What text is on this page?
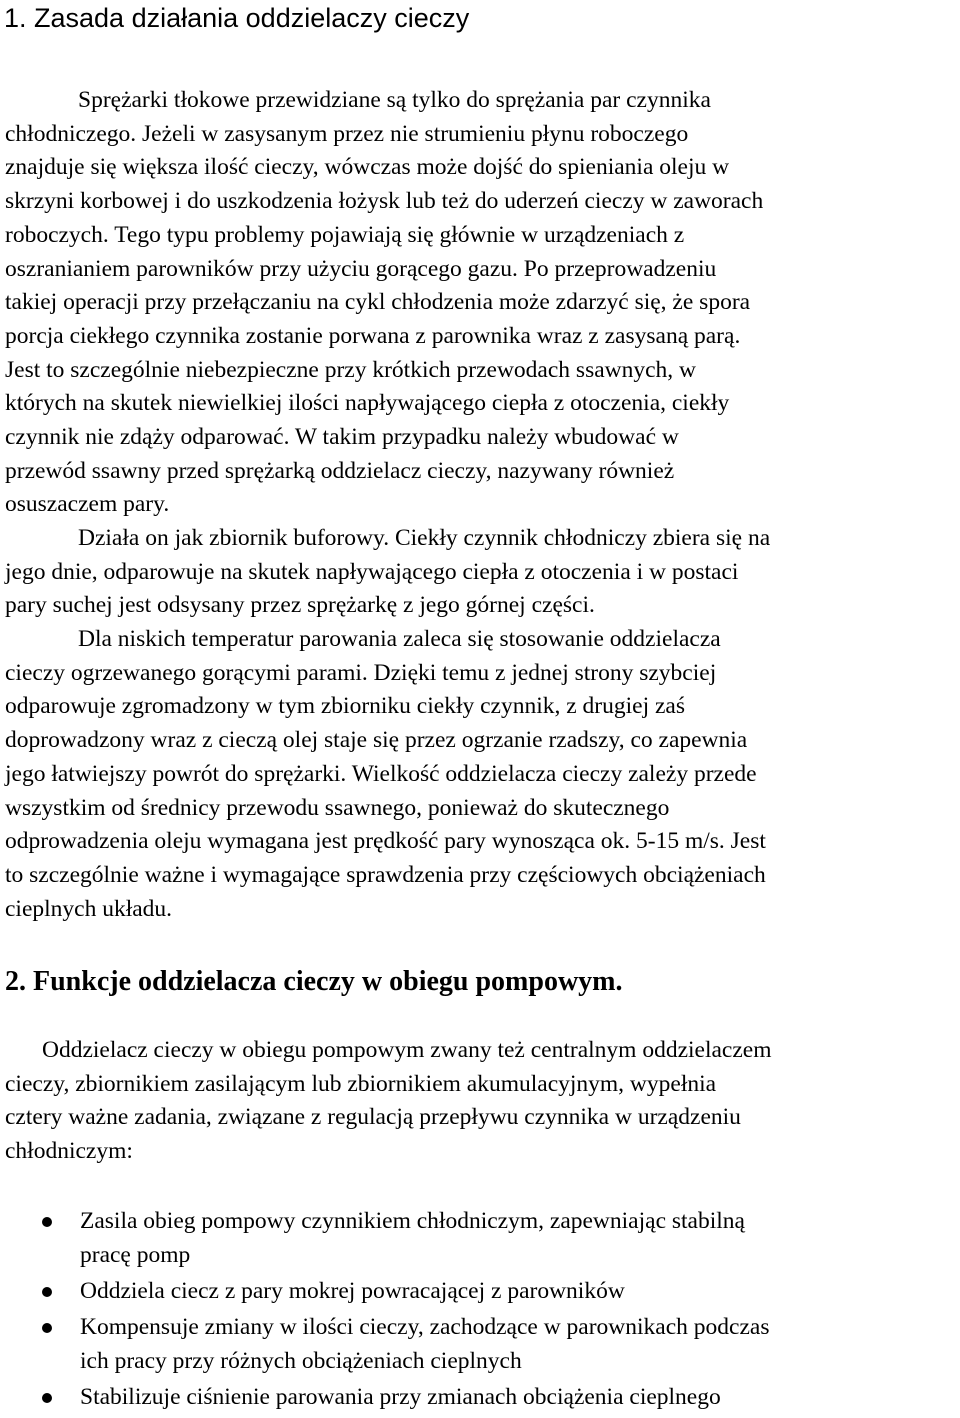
1. Zasada działania oddzielaczy cieczy
Sprężarki tłokowe przewidziane są tylko do sprężania par czynnika
chłodniczego. Jeżeli w zasysanym przez nie strumieniu płynu roboczego
znajduje się większa ilość cieczy, wówczas może dojść do spieniania oleju w
skrzyni korbowej i do uszkodzenia łożysk lub też do uderzeń cieczy w zaworach
roboczych. Tego typu problemy pojawiają się głównie w urządzeniach z
oszranianiem parowników przy użyciu gorącego gazu. Po przeprowadzeniu
takiej operacji przy przełączaniu na cykl chłodzenia może zdarzyć się, że spora
porcja ciekłego czynnika zostanie porwana z parownika wraz z zasysaną parą.
Jest to szczególnie niebezpieczne przy krótkich przewodach ssawnych, w
których na skutek niewielkiej ilości napływającego ciepła z otoczenia, ciekły
czynnik nie zdąży odparować. W takim przypadku należy wbudować w
przewód ssawny przed sprężarką oddzielacz cieczy, nazywany również
osuszaczem pary.
Działa on jak zbiornik buforowy. Ciekły czynnik chłodniczy zbiera się na
jego dnie, odparowuje na skutek napływającego ciepła z otoczenia i w postaci
pary suchej jest odsysany przez sprężarkę z jego górnej części.
Dla niskich temperatur parowania zaleca się stosowanie oddzielacza
cieczy ogrzewanego gorącymi parami. Dzięki temu z jednej strony szybciej
odparowuje zgromadzony w tym zbiorniku ciekły czynnik, z drugiej zaś
doprowadzony wraz z cieczą olej staje się przez ogrzanie rzadszy, co zapewnia
jego łatwiejszy powrót do sprężarki. Wielkość oddzielacza cieczy zależy przede
wszystkim od średnicy przewodu ssawnego, ponieważ do skutecznego
odprowadzenia oleju wymagana jest prędkość pary wynosząca ok. 5-15 m/s. Jest
to szczególnie ważne i wymagające sprawdzenia przy częściowych obciążeniach
cieplnych układu.
2. Funkcje oddzielacza cieczy w obiegu pompowym.
Oddzielacz cieczy w obiegu pompowym zwany też centralnym oddzielaczem
cieczy, zbiornikiem zasilającym lub zbiornikiem akumulacyjnym, wypełnia
cztery ważne zadania, związane z regulacją przepływu czynnika w urządzeniu
chłodniczym:
Zasila obieg pompowy czynnikiem chłodniczym, zapewniając stabilną
pracę pomp
Oddziela ciecz z pary mokrej powracającej z parowników
Kompensuje zmiany w ilości cieczy, zachodzące w parownikach podczas
ich pracy przy różnych obciążeniach cieplnych
Stabilizuje ciśnienie parowania przy zmianach obciążenia cieplnego
